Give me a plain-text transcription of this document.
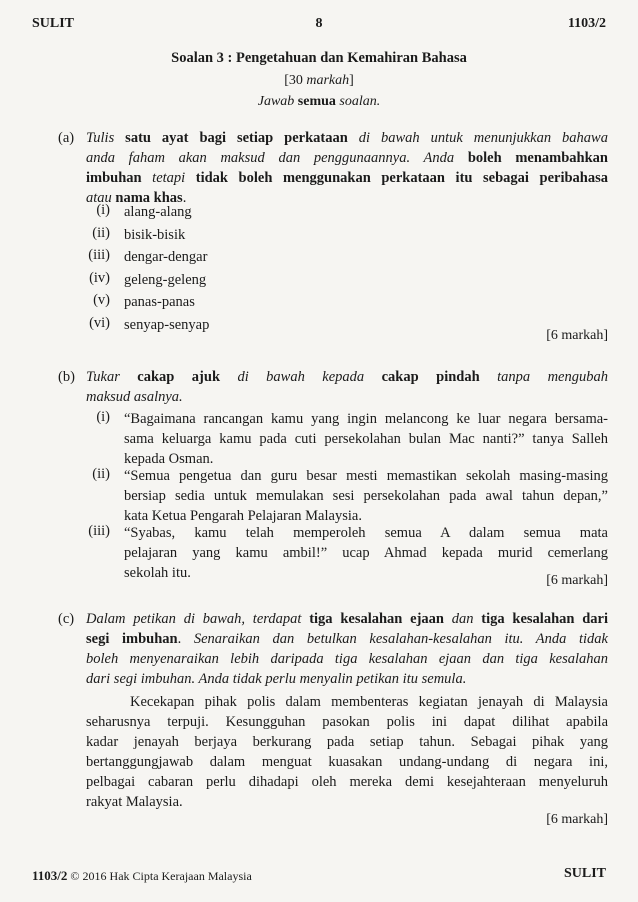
SULIT	8	1103/2
Soalan 3 : Pengetahuan dan Kemahiran Bahasa
[30 markah]
Jawab semua soalan.
(a) Tulis satu ayat bagi setiap perkataan di bawah untuk menunjukkan bahawa
anda faham akan maksud dan penggunaannya. Anda boleh menambahkan
imbuhan tetapi tidak boleh menggunakan perkataan itu sebagai peribahasa
atau nama khas.
(i) alang-alang
(ii) bisik-bisik
(iii) dengar-dengar
(iv) geleng-geleng
(v) panas-panas
(vi) senyap-senyap
[6 markah]
(b) Tukar cakap ajuk di bawah kepada cakap pindah tanpa mengubah
maksud asalnya.
(i) “Bagaimana rancangan kamu yang ingin melancong ke luar negara bersama-
sama keluarga kamu pada cuti persekolahan bulan Mac nanti?” tanya Salleh
kepada Osman.
(ii) “Semua pengetua dan guru besar mesti memastikan sekolah masing-masing
bersiap sedia untuk memulakan sesi persekolahan pada awal tahun depan,”
kata Ketua Pengarah Pelajaran Malaysia.
(iii) “Syabas, kamu telah memperoleh semua A dalam semua mata
pelajaran yang kamu ambil!” ucap Ahmad kepada murid cemerlang
sekolah itu.	[6 markah]
(c) Dalam petikan di bawah, terdapat tiga kesalahan ejaan dan tiga kesalahan dari
segi imbuhan. Senaraikan dan betulkan kesalahan-kesalahan itu. Anda tidak
boleh menyenaraikan lebih daripada tiga kesalahan ejaan dan tiga kesalahan
dari segi imbuhan. Anda tidak perlu menyalin petikan itu semula.
Kecekapan pihak polis dalam membenteras kegiatan jenayah di Malaysia
seharusnya terpuji. Kesungguhan pasokan polis ini dapat dilihat apabila
kadar jenayah berjaya berkurang pada setiap tahun. Sebagai pihak yang
bertanggungjawab dalam menguat kuasakan undang-undang di negara ini,
pelbagai cabaran perlu dihadapi oleh mereka demi kesejahteraan menyeluruh
rakyat Malaysia.
[6 markah]
1103/2 © 2016 Hak Cipta Kerajaan Malaysia	SULIT
